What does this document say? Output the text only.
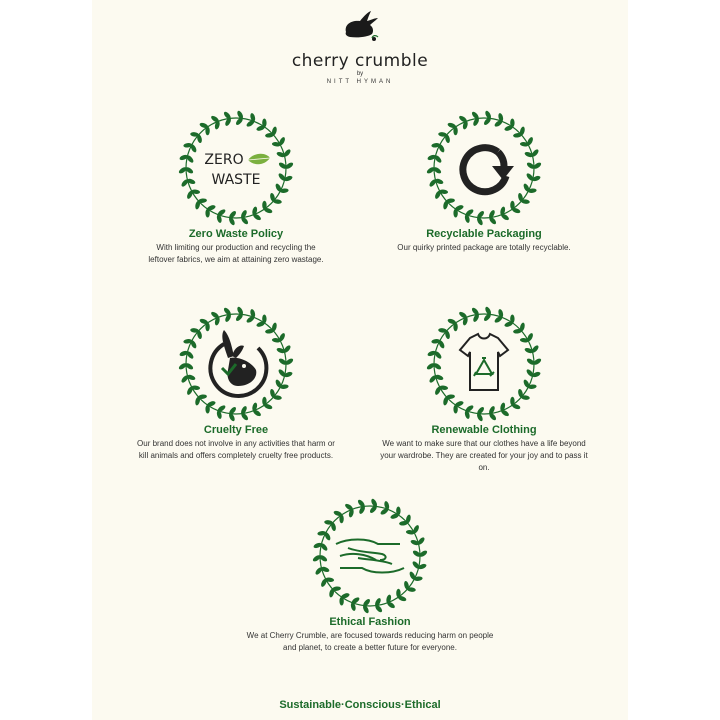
cherry crumble
by
NITT HYMAN
ZERO
WASTE
Zero Waste Policy
With limiting our production and recycling the leftover fabrics, we aim at attaining zero wastage.
Recyclable Packaging
Our quirky printed package are totally recyclable.
Cruelty Free
Our brand does not involve in any activities that harm or kill animals and offers completely cruelty free products.
Renewable Clothing
We want to make sure that our clothes have a life beyond your wardrobe. They are created for your joy and to pass it on.
Ethical Fashion
We at Cherry Crumble, are focused towards reducing harm on people and planet, to create a better future for everyone.
Sustainable·Conscious·Ethical
